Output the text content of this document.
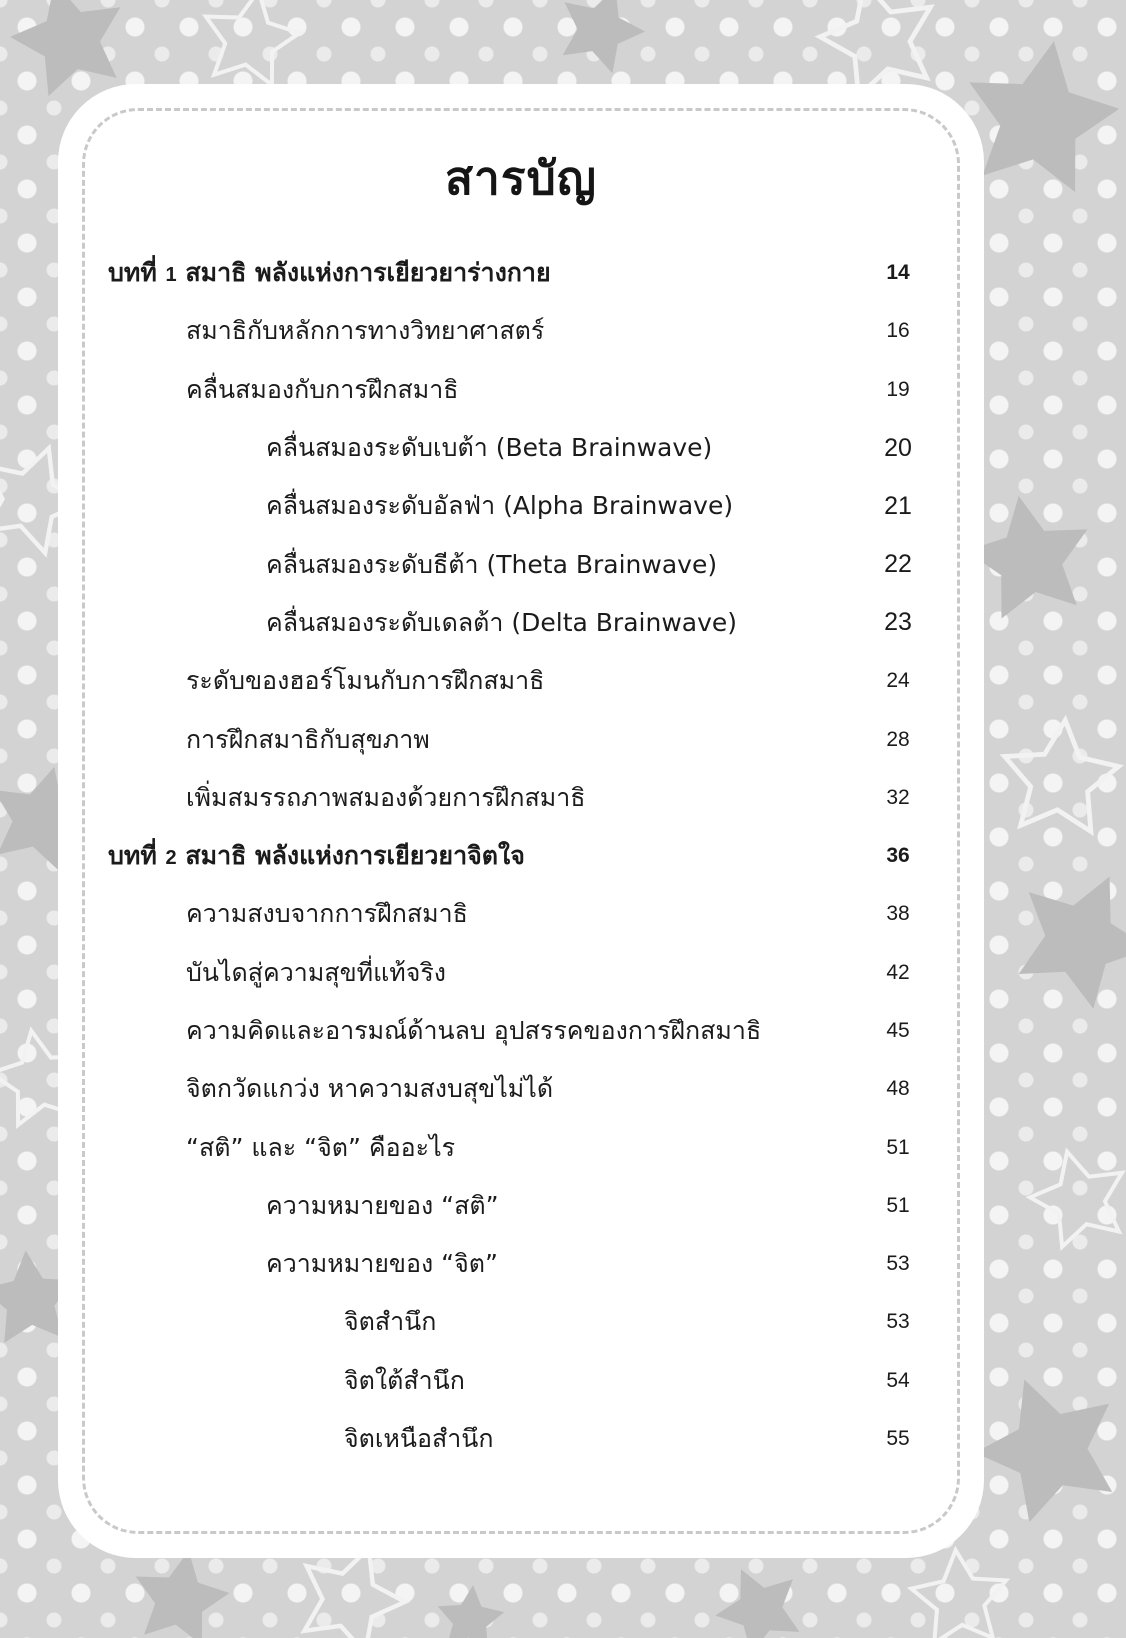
สารบัญ
บทที่ 1 สมาธิ พลังแห่งการเยียวยาร่างกาย	14
สมาธิกับหลักการทางวิทยาศาสตร์	16
คลื่นสมองกับการฝึกสมาธิ	19
คลื่นสมองระดับเบต้า (Beta Brainwave)	20
คลื่นสมองระดับอัลฟ่า (Alpha Brainwave)	21
คลื่นสมองระดับธีต้า (Theta Brainwave)	22
คลื่นสมองระดับเดลต้า (Delta Brainwave)	23
ระดับของฮอร์โมนกับการฝึกสมาธิ	24
การฝึกสมาธิกับสุขภาพ	28
เพิ่มสมรรถภาพสมองด้วยการฝึกสมาธิ	32
บทที่ 2 สมาธิ พลังแห่งการเยียวยาจิตใจ	36
ความสงบจากการฝึกสมาธิ	38
บันไดสู่ความสุขที่แท้จริง	42
ความคิดและอารมณ์ด้านลบ อุปสรรคของการฝึกสมาธิ	45
จิตกวัดแกว่ง หาความสงบสุขไม่ได้	48
“สติ” และ “จิต” คืออะไร	51
ความหมายของ “สติ”	51
ความหมายของ “จิต”	53
จิตสำนึก	53
จิตใต้สำนึก	54
จิตเหนือสำนึก	55
